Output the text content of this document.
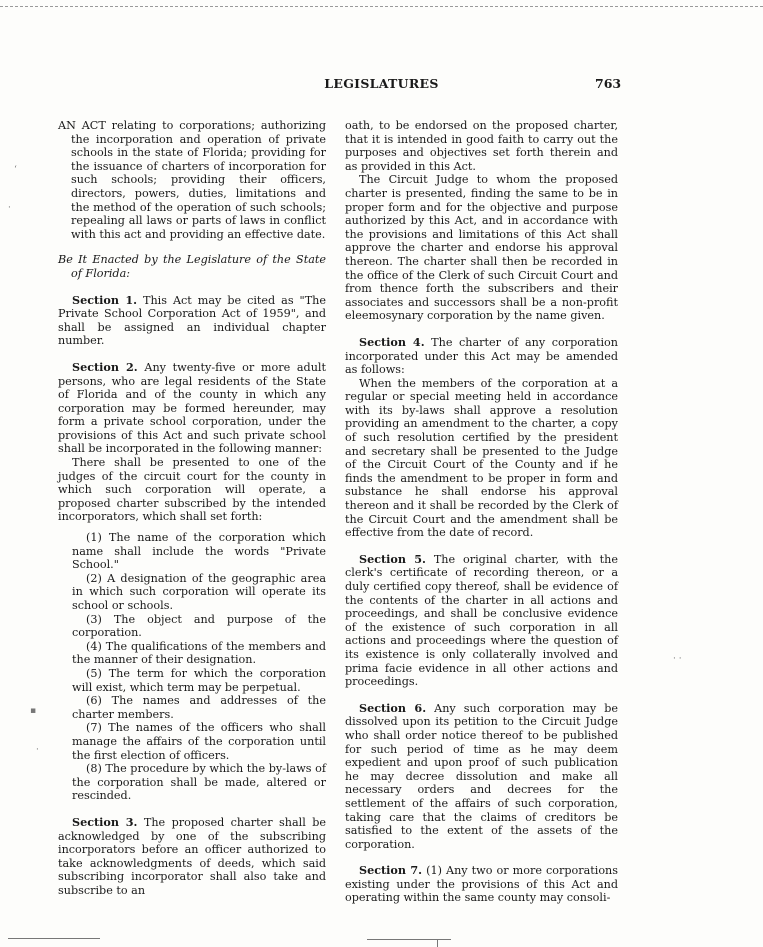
LEGISLATURES	763

AN ACT relating to corporations; authorizing the incorporation and operation of private schools in the state of Florida; providing for the issuance of charters of incorporation for such schools; providing their officers, directors, powers, duties, limitations and the method of the operation of such schools; repealing all laws or parts of laws in conflict with this act and providing an effective date.

Be It Enacted by the Legislature of the State of Florida:

Section 1. This Act may be cited as "The Private School Corporation Act of 1959", and shall be assigned an individual chapter number.

Section 2. Any twenty-five or more adult persons, who are legal residents of the State of Florida and of the county in which any corporation may be formed hereunder, may form a private school corporation, under the provisions of this Act and such private school shall be incorporated in the following manner:

There shall be presented to one of the judges of the circuit court for the county in which such corporation will operate, a proposed charter subscribed by the intended incorporators, which shall set forth:

(1) The name of the corporation which name shall include the words "Private School."

(2) A designation of the geographic area in which such corporation will operate its school or schools.

(3) The object and purpose of the corporation.

(4) The qualifications of the members and the manner of their designation.

(5) The term for which the corporation will exist, which term may be perpetual.

(6) The names and addresses of the charter members.

(7) The names of the officers who shall manage the affairs of the corporation until the first election of officers.

(8) The procedure by which the by-laws of the corporation shall be made, altered or rescinded.

Section 3. The proposed charter shall be acknowledged by one of the subscribing incorporators before an officer authorized to take acknowledgments of deeds, which said subscribing incorporator shall also take and subscribe to an

oath, to be endorsed on the proposed charter, that it is intended in good faith to carry out the purposes and objectives set forth therein and as provided in this Act.

The Circuit Judge to whom the proposed charter is presented, finding the same to be in proper form and for the objective and purpose authorized by this Act, and in accordance with the provisions and limitations of this Act shall approve the charter and endorse his approval thereon. The charter shall then be recorded in the office of the Clerk of such Circuit Court and from thence forth the subscribers and their associates and successors shall be a non-profit eleemosynary corporation by the name given.

Section 4. The charter of any corporation incorporated under this Act may be amended as follows:

When the members of the corporation at a regular or special meeting held in accordance with its by-laws shall approve a resolution providing an amendment to the charter, a copy of such resolution certified by the president and secretary shall be presented to the Judge of the Circuit Court of the County and if he finds the amendment to be proper in form and substance he shall endorse his approval thereon and it shall be recorded by the Clerk of the Circuit Court and the amendment shall be effective from the date of record.

Section 5. The original charter, with the clerk's certificate of recording thereon, or a duly certified copy thereof, shall be evidence of the contents of the charter in all actions and proceedings, and shall be conclusive evidence of the existence of such corporation in all actions and proceedings where the question of its existence is only collaterally involved and prima facie evidence in all other actions and proceedings.

Section 6. Any such corporation may be dissolved upon its petition to the Circuit Judge who shall order notice thereof to be published for such period of time as he may deem expedient and upon proof of such publication he may decree dissolution and make all necessary orders and decrees for the settlement of the affairs of such corporation, taking care that the claims of creditors be satisfied to the extent of the assets of the corporation.

Section 7. (1) Any two or more corporations existing under the provisions of this Act and operating within the same county may consoli-

‘
·
▪
·
· ·
